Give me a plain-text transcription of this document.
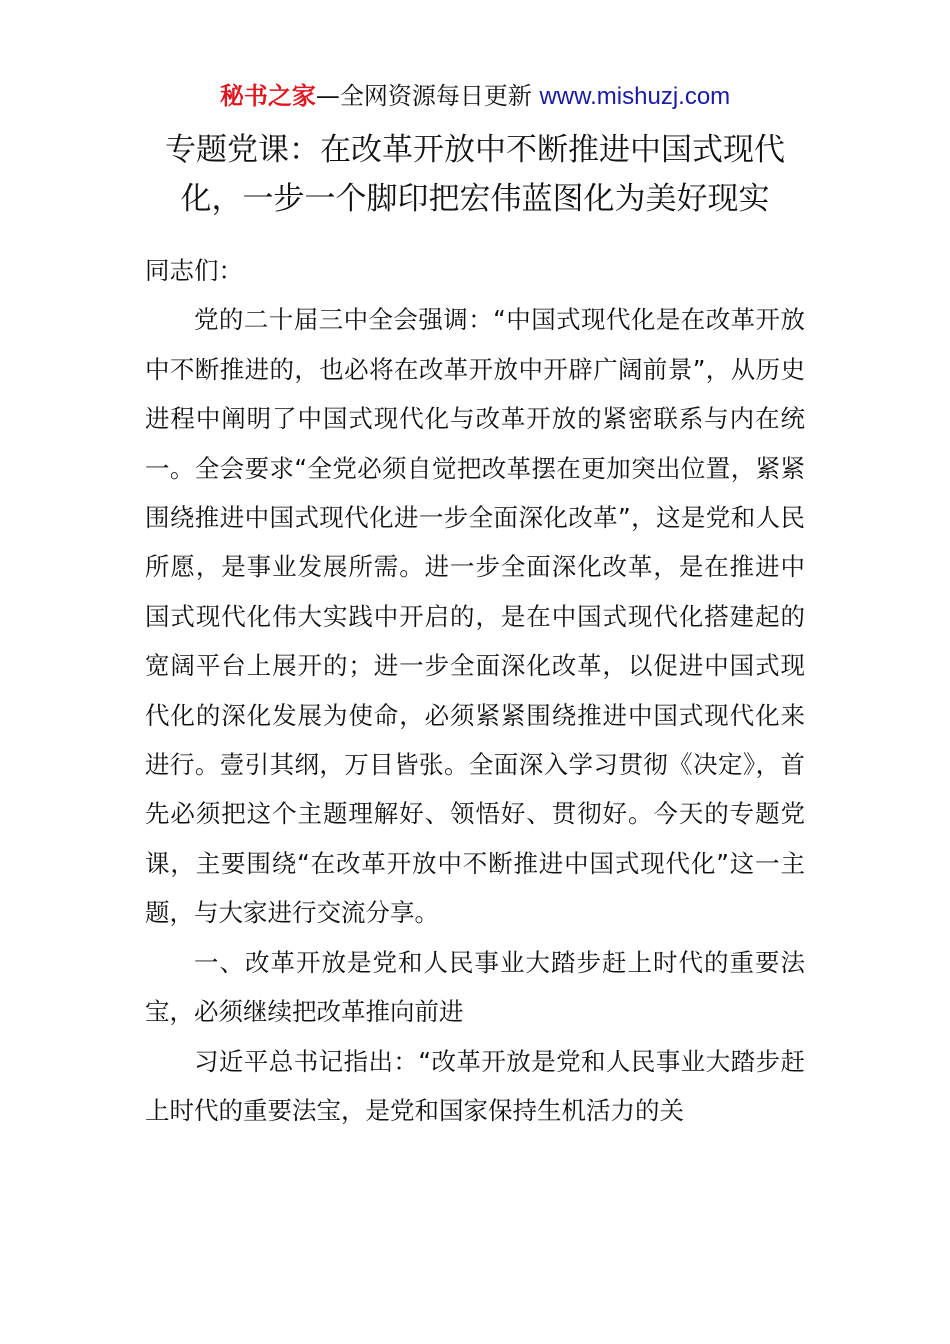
秘书之家—全网资源每日更新 www.mishuzj.com
专题党课：在改革开放中不断推进中国式现代
化，一步一个脚印把宏伟蓝图化为美好现实

同志们：

党的二十届三中全会强调：“中国式现代化是在改革开放中不断推进的，也必将在改革开放中开辟广阔前景”，从历史进程中阐明了中国式现代化与改革开放的紧密联系与内在统一。全会要求“全党必须自觉把改革摆在更加突出位置，紧紧围绕推进中国式现代化进一步全面深化改革”，这是党和人民所愿，是事业发展所需。进一步全面深化改革，是在推进中国式现代化伟大实践中开启的，是在中国式现代化搭建起的宽阔平台上展开的；进一步全面深化改革，以促进中国式现代化的深化发展为使命，必须紧紧围绕推进中国式现代化来进行。壹引其纲，万目皆张。全面深入学习贯彻《决定》，首先必须把这个主题理解好、领悟好、贯彻好。今天的专题党课，主要围绕“在改革开放中不断推进中国式现代化”这一主题，与大家进行交流分享。

一、改革开放是党和人民事业大踏步赶上时代的重要法宝，必须继续把改革推向前进

习近平总书记指出：“改革开放是党和人民事业大踏步赶上时代的重要法宝，是党和国家保持生机活力的关
